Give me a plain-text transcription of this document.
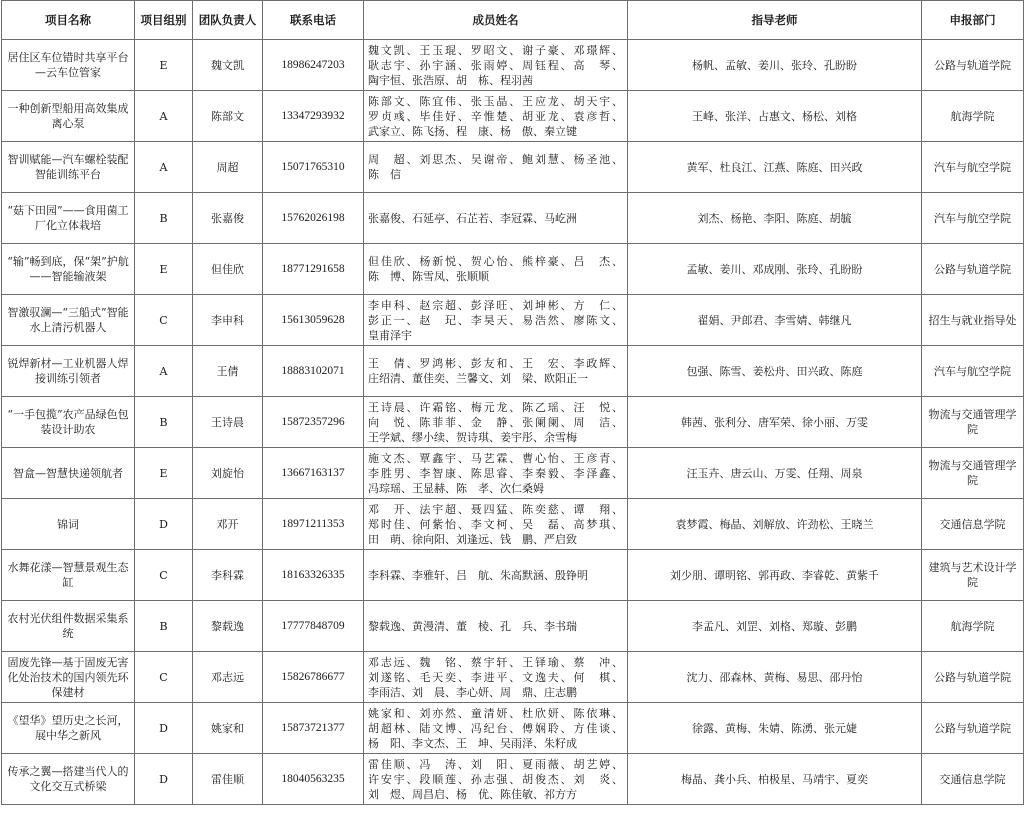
项目名称	项目组别	团队负责人	联系电话	成员姓名	指导老师	申报部门
居住区车位错时共享平台—云车位管家	E	魏文凯	18986247203	魏文凯、王玉琨、罗昭文、谢子豪、邓璟辉、
耿志宇、孙宇涵、张雨婷、周钰程、高　琴、
陶宇恒、张浩原、胡　栋、程羽茜	杨帆、孟敏、姜川、张玲、孔盼盼	公路与轨道学院
一种创新型船用高效集成离心泵	A	陈部文	13347293932	陈部文、陈宜伟、张玉晶、王应龙、胡天宇、
罗贞彧、毕佳妤、辛惟楚、胡亚龙、袁彦哲、
武家立、陈飞扬、程　康、杨　傲、秦立键	王峰、张洋、占惠文、杨松、刘格	航海学院
智训赋能—汽车螺栓装配智能训练平台	A	周超	15071765310	周　超、刘思杰、吴谢帝、鲍刘慧、杨圣池、
陈　信	黄军、杜良江、江燕、陈庭、田兴政	汽车与航空学院
“菇下田园”——食用菌工厂化立体栽培	B	张嘉俊	15762026198	张嘉俊、石延亭、石芷若、李冠霖、马屹洲	刘杰、杨艳、李阳、陈庭、胡毓	汽车与航空学院
“输”畅到底，保“架”护航——智能输液架	E	但佳欣	18771291658	但佳欣、杨新悦、贺心怡、熊梓豪、吕　杰、
陈　博、陈雪凤、张顺顺	孟敏、姜川、邓成刚、张玲、孔盼盼	公路与轨道学院
智激驭澜—“三船式”智能水上清污机器人	C	李申科	15613059628	李申科、赵宗超、彭泽旺、刘坤彬、方　仁、
彭正一、赵　玘、李昊天、易浩然、廖陈文、
皇甫泽宇	翟娟、尹郎君、李雪婧、韩继凡	招生与就业指导处
锐焊新材—工业机器人焊接训练引领者	A	王倩	18883102071	王　倩、罗鸿彬、彭友和、王　宏、李政辉、
庄绍清、董佳奕、兰馨文、刘　梁、欧阳正一	包强、陈雪、姜松舟、田兴政、陈庭	汽车与航空学院
“一手包揽”农产品绿色包装设计助农	B	王诗晨	15872357296	王诗晨、许霜铭、梅元龙、陈乙瑶、汪　悦、
向　悦、陈菲菲、金　静、张阑阑、周　洁、
王学斌、缪小续、贺诗琪、姜宇彤、余雪梅	韩茜、张利分、唐军荣、徐小丽、万雯	物流与交通管理学院
智盒—智慧快递领航者	E	刘旋怡	13667163137	施文杰、覃鑫宇、马艺霖、曹心怡、王彦青、
李胜男、李智康、陈思睿、李秦毅、李泽鑫、
冯琮瑶、王显赫、陈　孝、次仁桑姆	汪玉卉、唐云山、万雯、任翔、周泉	物流与交通管理学院
锦词	D	邓开	18971211353	邓　开、法宇超、聂四猛、陈奕慈、谭　翔、
郑时佳、何紫怡、李文柯、吴　磊、高梦琪、
田　萌、徐向阳、刘逢远、钱　鹏、严启致	袁梦霞、梅晶、刘解放、许劲松、王晓兰	交通信息学院
水舞花漾—智慧景观生态缸	C	李科霖	18163326335	李科霖、李雅轩、吕　航、朱高默涵、殷铮明	刘少朋、谭明铭、郭再政、李睿乾、黄紫千	建筑与艺术设计学院
农村光伏组件数据采集系统	B	黎载逸	17777848709	黎载逸、黄漫清、董　棱、孔　兵、李书瑞	李孟凡、刘罡、刘格、郑璇、彭鹏	航海学院
固废先锋—基于固废无害化处治技术的国内领先环保建材	C	邓志远	15826786677	邓志远、魏　铭、蔡宇轩、王铎瑜、蔡　冲、
刘遂铭、毛天奕、李进平、文逸夫、何　棋、
李雨洁、刘　晨、李心妍、周　鼎、庄志鹏	沈力、邵森林、黄梅、易思、邵丹怡	公路与轨道学院
《望华》望历史之长河，展中华之新风	D	姚家和	15873721377	姚家和、刘亦然、童清妍、杜欣妍、陈依琳、
胡超林、陆文博、冯纪台、傅娴聆、方佳谈、
杨　阳、李文杰、王　坤、吴雨泽、朱籽成	徐露、黄梅、朱婧、陈湧、张元婕	公路与轨道学院
传承之翼—搭建当代人的文化交互式桥梁	D	雷佳顺	18040563235	雷佳顺、冯　涛、刘　阳、夏雨薇、胡艺婷、
许安宇、段顺莲、孙志强、胡俊杰、刘　炎、
刘　煜、周昌启、杨　优、陈佳敏、祁方方	梅晶、龚小兵、柏极星、马靖宇、夏奕	交通信息学院
